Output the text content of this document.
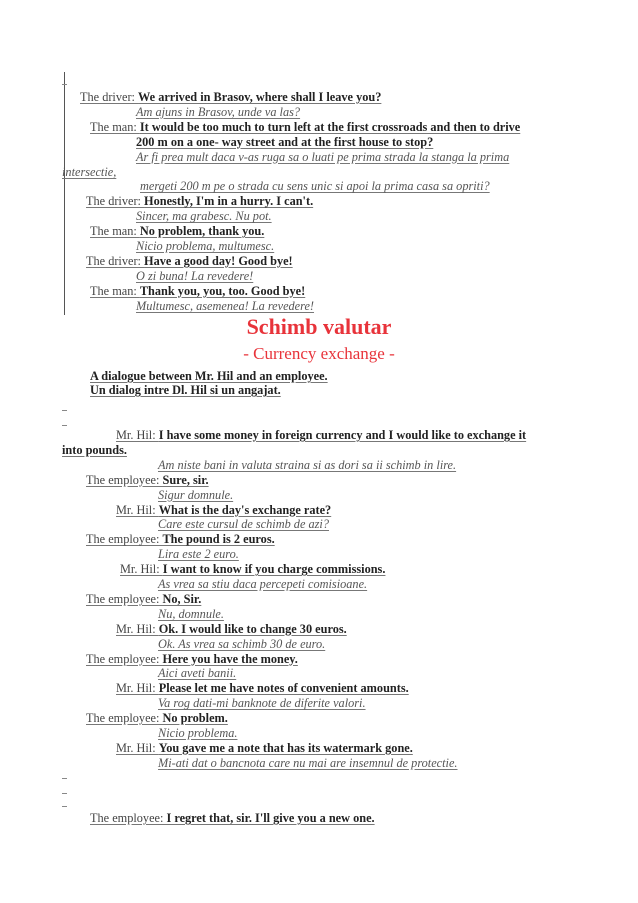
The driver: We arrived in Brasov, where shall I leave you?
Am ajuns in Brasov, unde va las?
The man: It would be too much to turn left at the first crossroads and then to drive
200 m on a one- way street and at the first house to stop?
Ar fi prea mult daca v-as ruga sa o luati pe prima strada la stanga la prima
intersectie,
mergeti 200 m pe o strada cu sens unic si apoi la prima casa sa opriti?
The driver: Honestly, I'm in a hurry. I can't.
Sincer, ma grabesc. Nu pot.
The man: No problem, thank you.
Nicio problema, multumesc.
The driver: Have a good day! Good bye!
O zi buna! La revedere!
The man: Thank you, you, too. Good bye!
Multumesc, asemenea! La revedere!
Schimb valutar
- Currency exchange -
A dialogue between Mr. Hil and an employee.
Un dialog intre Dl. Hil si un angajat.
Mr. Hil: I have some money in foreign currency and I would like to exchange it
into pounds.
Am niste bani in valuta straina si as dori sa ii schimb in lire.
The employee: Sure, sir.
Sigur domnule.
Mr. Hil: What is the day's exchange rate?
Care este cursul de schimb de azi?
The employee: The pound is 2 euros.
Lira este 2 euro.
Mr. Hil: I want to know if you charge commissions.
As vrea sa stiu daca percepeti comisioane.
The employee: No, Sir.
Nu, domnule.
Mr. Hil: Ok. I would like to change 30 euros.
Ok. As vrea sa schimb 30 de euro.
The employee: Here you have the money.
Aici aveti banii.
Mr. Hil: Please let me have notes of convenient amounts.
Va rog dati-mi banknote de diferite valori.
The employee: No problem.
Nicio problema.
Mr. Hil: You gave me a note that has its watermark gone.
Mi-ati dat o bancnota care nu mai are insemnul de protectie.
The employee: I regret that, sir. I'll give you a new one.
